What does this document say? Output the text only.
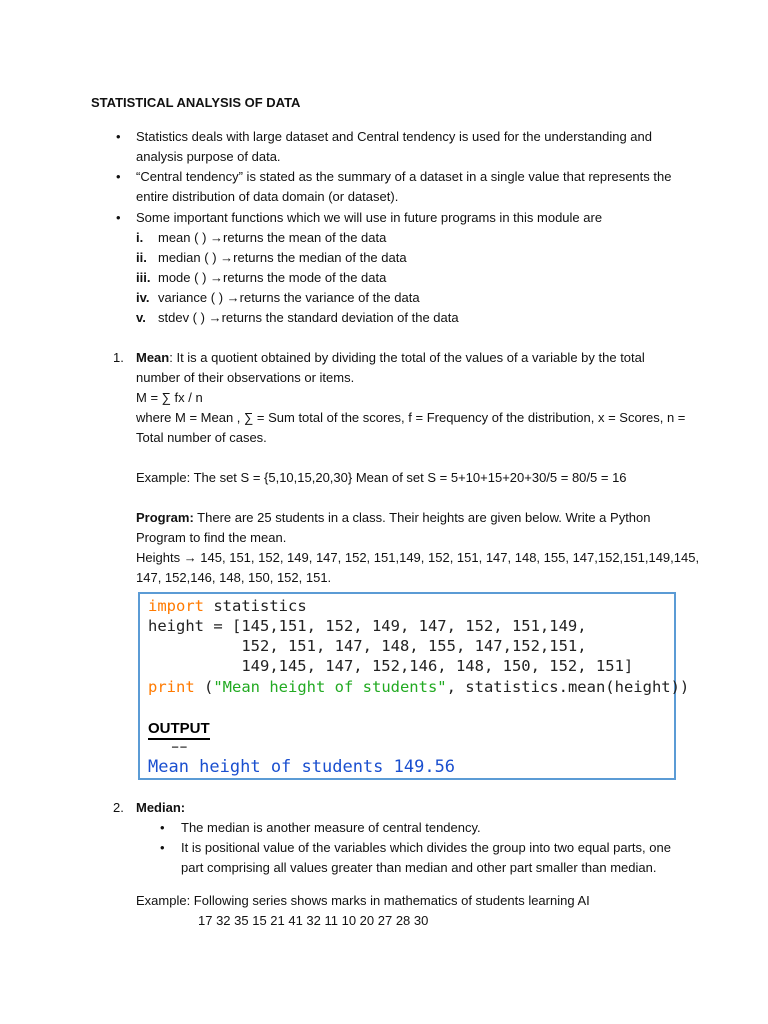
STATISTICAL ANALYSIS OF DATA
• Statistics deals with large dataset and Central tendency is used for the understanding and
analysis purpose of data.
• “Central tendency” is stated as the summary of a dataset in a single value that represents the
entire distribution of data domain (or dataset).
• Some important functions which we will use in future programs in this module are
i. mean ( ) →returns the mean of the data
ii. median ( ) →returns the median of the data
iii. mode ( ) →returns the mode of the data
iv. variance ( ) →returns the variance of the data
v. stdev ( ) →returns the standard deviation of the data
1. Mean: It is a quotient obtained by dividing the total of the values of a variable by the total
number of their observations or items.
M = ∑ fx / n
where M = Mean , ∑ = Sum total of the scores, f = Frequency of the distribution, x = Scores, n =
Total number of cases.
Example: The set S = {5,10,15,20,30} Mean of set S = 5+10+15+20+30/5 = 80/5 = 16
Program: There are 25 students in a class. Their heights are given below. Write a Python
Program to find the mean.
Heights → 145, 151, 152, 149, 147, 152, 151,149, 152, 151, 147, 148, 155, 147,152,151,149,145,
147, 152,146, 148, 150, 152, 151.
import statistics
height = [145,151, 152, 149, 147, 152, 151,149,
152, 151, 147, 148, 155, 147,152,151,
149,145, 147, 152,146, 148, 150, 152, 151]
print ("Mean height of students", statistics.mean(height))
OUTPUT
▔ ▔
Mean height of students 149.56
2. Median:
• The median is another measure of central tendency.
• It is positional value of the variables which divides the group into two equal parts, one
part comprising all values greater than median and other part smaller than median.
Example: Following series shows marks in mathematics of students learning AI
17 32 35 15 21 41 32 11 10 20 27 28 30
